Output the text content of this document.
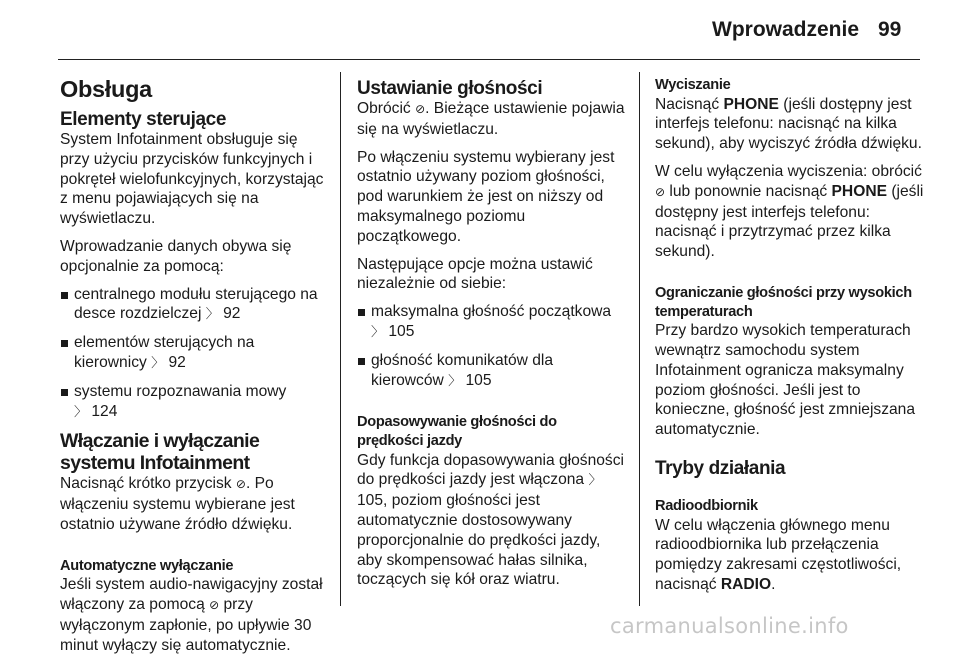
Wprowadzenie 99
Obsługa
Elementy sterujące

System Infotainment obsługuje się przy użyciu przycisków funkcyjnych i pokręteł wielofunkcyjnych, korzystając z menu pojawiających się na wyświetlaczu.

Wprowadzanie danych obywa się opcjonalnie za pomocą:

centralnego modułu sterującego na desce rozdzielczej 〉 92
elementów sterujących na kierownicy 〉 92
systemu rozpoznawania mowy
〉 124
Włączanie i wyłączanie systemu Infotainment

Nacisnąć krótko przycisk ⊘. Po włączeniu systemu wybierane jest ostatnio używane źródło dźwięku.

Automatyczne wyłączanie

Jeśli system audio-nawigacyjny został włączony za pomocą ⊘ przy wyłączonym zapłonie, po upływie 30 minut wyłączy się automatycznie.

Ustawianie głośności

Obrócić ⊘. Bieżące ustawienie pojawia się na wyświetlaczu.

Po włączeniu systemu wybierany jest ostatnio używany poziom głośności, pod warunkiem że jest on niższy od maksymalnego poziomu początkowego.

Następujące opcje można ustawić niezależnie od siebie:

maksymalna głośność początkowa
〉 105
głośność komunikatów dla kierowców 〉 105
Dopasowywanie głośności do prędkości jazdy

Gdy funkcja dopasowywania głośności do prędkości jazdy jest włączona 〉 105, poziom głośności jest automatycznie dostosowywany proporcjonalnie do prędkości jazdy, aby skompensować hałas silnika, toczących się kół oraz wiatru.

Wyciszanie

Nacisnąć PHONE (jeśli dostępny jest interfejs telefonu: nacisnąć na kilka sekund), aby wyciszyć źródła dźwięku.

W celu wyłączenia wyciszenia: obrócić ⊘ lub ponownie nacisnąć PHONE (jeśli dostępny jest interfejs telefonu: nacisnąć i przytrzymać przez kilka sekund).

Ograniczanie głośności przy wysokich temperaturach

Przy bardzo wysokich temperaturach wewnątrz samochodu system Infotainment ogranicza maksymalny poziom głośności. Jeśli jest to konieczne, głośność jest zmniejszana automatycznie.

Tryby działania
Radioodbiornik

W celu włączenia głównego menu radioodbiornika lub przełączenia pomiędzy zakresami częstotliwości, nacisnąć RADIO.

carmanualsonline.info
